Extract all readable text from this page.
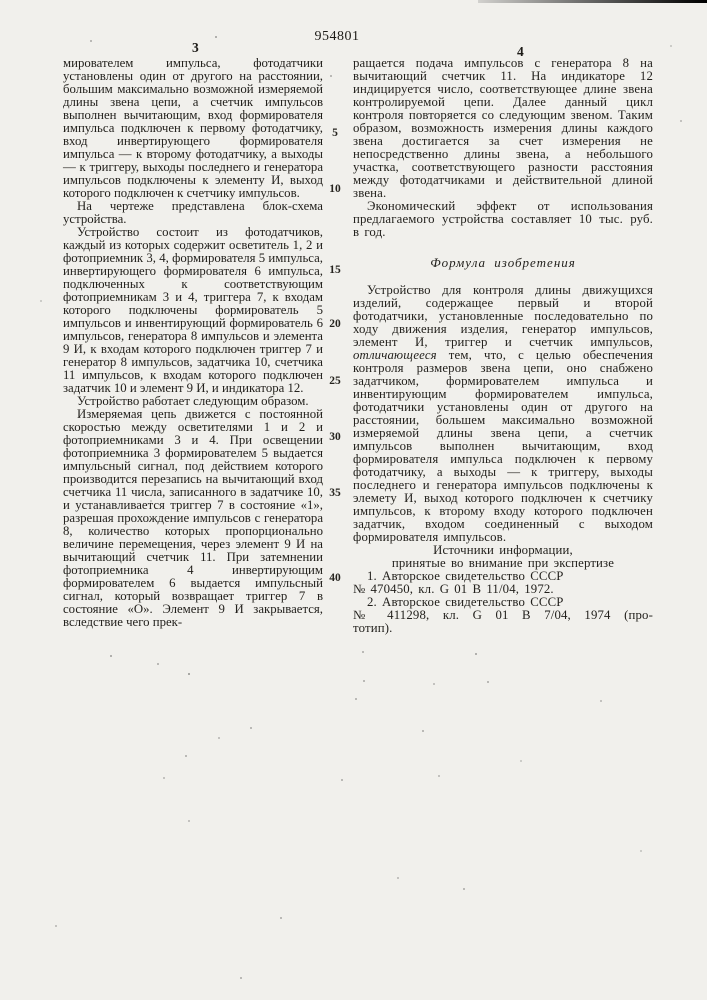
954801
3	4
5
10
15
20
25
30
35
40

мирователем импульса, фотодатчики установлены один от другого на расстоянии, большим максимально возможной измеряемой длины звена цепи, а счетчик импульсов выполнен вычитающим, вход формирователя импульса подключен к первому фотодатчику, вход инвертирующего формирователя импульса — к второму фотодатчику, а выходы — к триггеру, выходы последнего и генератора импульсов подключены к элементу И, выход которого подключен к счетчику импульсов.

На чертеже представлена блок-схема устройства.

Устройство состоит из фотодатчиков, каждый из которых содержит осветитель 1, 2 и фотоприемник 3, 4, формирователя 5 импульса, инвертирующего формирователя 6 импульса, подключенных к соответствующим фотоприемникам 3 и 4, триггера 7, к входам которого подключены формирователь 5 импульсов и инвентирующий формирователь 6 импульсов, генератора 8 импульсов и элемента 9 И, к входам которого подключен триггер 7 и генератор 8 импульсов, задатчика 10, счетчика 11 импульсов, к входам которого подключен задатчик 10 и элемент 9 И, и индикатора 12.

Устройство работает следующим образом.

Измеряемая цепь движется с постоянной скоростью между осветителями 1 и 2 и фотоприемниками 3 и 4. При освещении фотоприемника 3 формирователем 5 выдается импульсный сигнал, под действием которого производится перезапись на вычитающий вход счетчика 11 числа, записанного в задатчике 10, и устанавливается триггер 7 в состояние «1», разрешая прохождение импульсов с генератора 8, количество которых пропорционально величине перемещения, через элемент 9 И на вычитающий счетчик 11. При затемнении фотоприемника 4 инвертирующим формирователем 6 выдается импульсный сигнал, который возвращает триггер 7 в состояние «О». Элемент 9 И закрывается, вследствие чего прек-

ращается подача импульсов с генератора 8 на вычитающий счетчик 11. На индикаторе 12 индицируется число, соответствующее длине звена контролируемой цепи. Далее данный цикл контроля повторяется со следующим звеном. Таким образом, возможность измерения длины каждого звена достигается за счет измерения не непосредственно длины звена, а небольшого участка, соответствующего разности расстояния между фотодатчиками и действительной длиной звена.

Экономический эффект от использования предлагаемого устройства составляет 10 тыс. руб. в год.

Формула изобретения

Устройство для контроля длины движущихся изделий, содержащее первый и второй фотодатчики, установленные последовательно по ходу движения изделия, генератор импульсов, элемент И, триггер и счетчик импульсов, отличающееся тем, что, с целью обеспечения контроля размеров звена цепи, оно снабжено задатчиком, формирователем импульса и инвентирующим формирователем импульса, фотодатчики установлены один от другого на расстоянии, большем максимально возможной измеряемой длины звена цепи, а счетчик импульсов выполнен вычитающим, вход формирователя импульса подключен к первому фотодатчику, а выходы — к триггеру, выходы последнего и генератора импульсов подключены к элемету И, выход которого подключен к счетчику импульсов, к второму входу которого подключен задатчик, входом соединенный с выходом формирователя импульсов.

Источники информации,
принятые во внимание при экспертизе
1. Авторское свидетельство СССР
№ 470450, кл. G 01 B 11/04, 1972.
2. Авторское свидетельство СССР
№ 411298, кл. G 01 B 7/04, 1974 (про-
тотип).
